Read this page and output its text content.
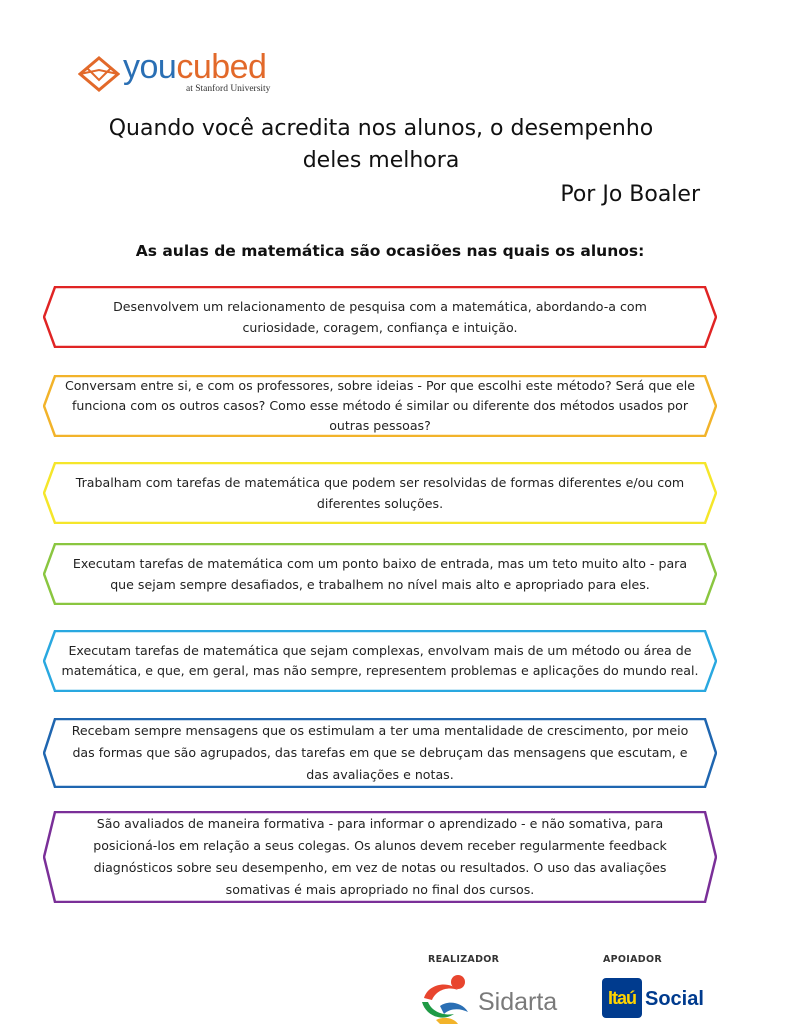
youcubed
at Stanford University
Quando você acredita nos alunos, o desempenho
deles melhora
Por Jo Boaler
As aulas de matemática são ocasiões nas quais os alunos:
Desenvolvem um relacionamento de pesquisa com a matemática, abordando-a com curiosidade, coragem, confiança e intuição.
Conversam entre si, e com os professores, sobre ideias - Por que escolhi este método? Será que ele funciona com os outros casos? Como esse método é similar ou diferente dos métodos usados por outras pessoas?
Trabalham com tarefas de matemática que podem ser resolvidas de formas diferentes e/ou com diferentes soluções.
Executam tarefas de matemática com um ponto baixo de entrada, mas um teto muito alto - para que sejam sempre desafiados, e trabalhem no nível mais alto e apropriado para eles.
Executam tarefas de matemática que sejam complexas, envolvam mais de um método ou área de matemática, e que, em geral, mas não sempre, representem problemas e aplicações do mundo real.
Recebam sempre mensagens que os estimulam a ter uma mentalidade de crescimento, por meio das formas que são agrupados, das tarefas em que se debruçam das mensagens que escutam, e das avaliações e notas.
São avaliados de maneira formativa - para informar o aprendizado - e não somativa, para posicioná-los em relação a seus colegas. Os alunos devem receber regularmente feedback diagnósticos sobre seu desempenho, em vez de notas ou resultados. O uso das avaliações somativas é mais apropriado no final dos cursos.
REALIZADOR
Sidarta
APOIADOR
Itaú Social
